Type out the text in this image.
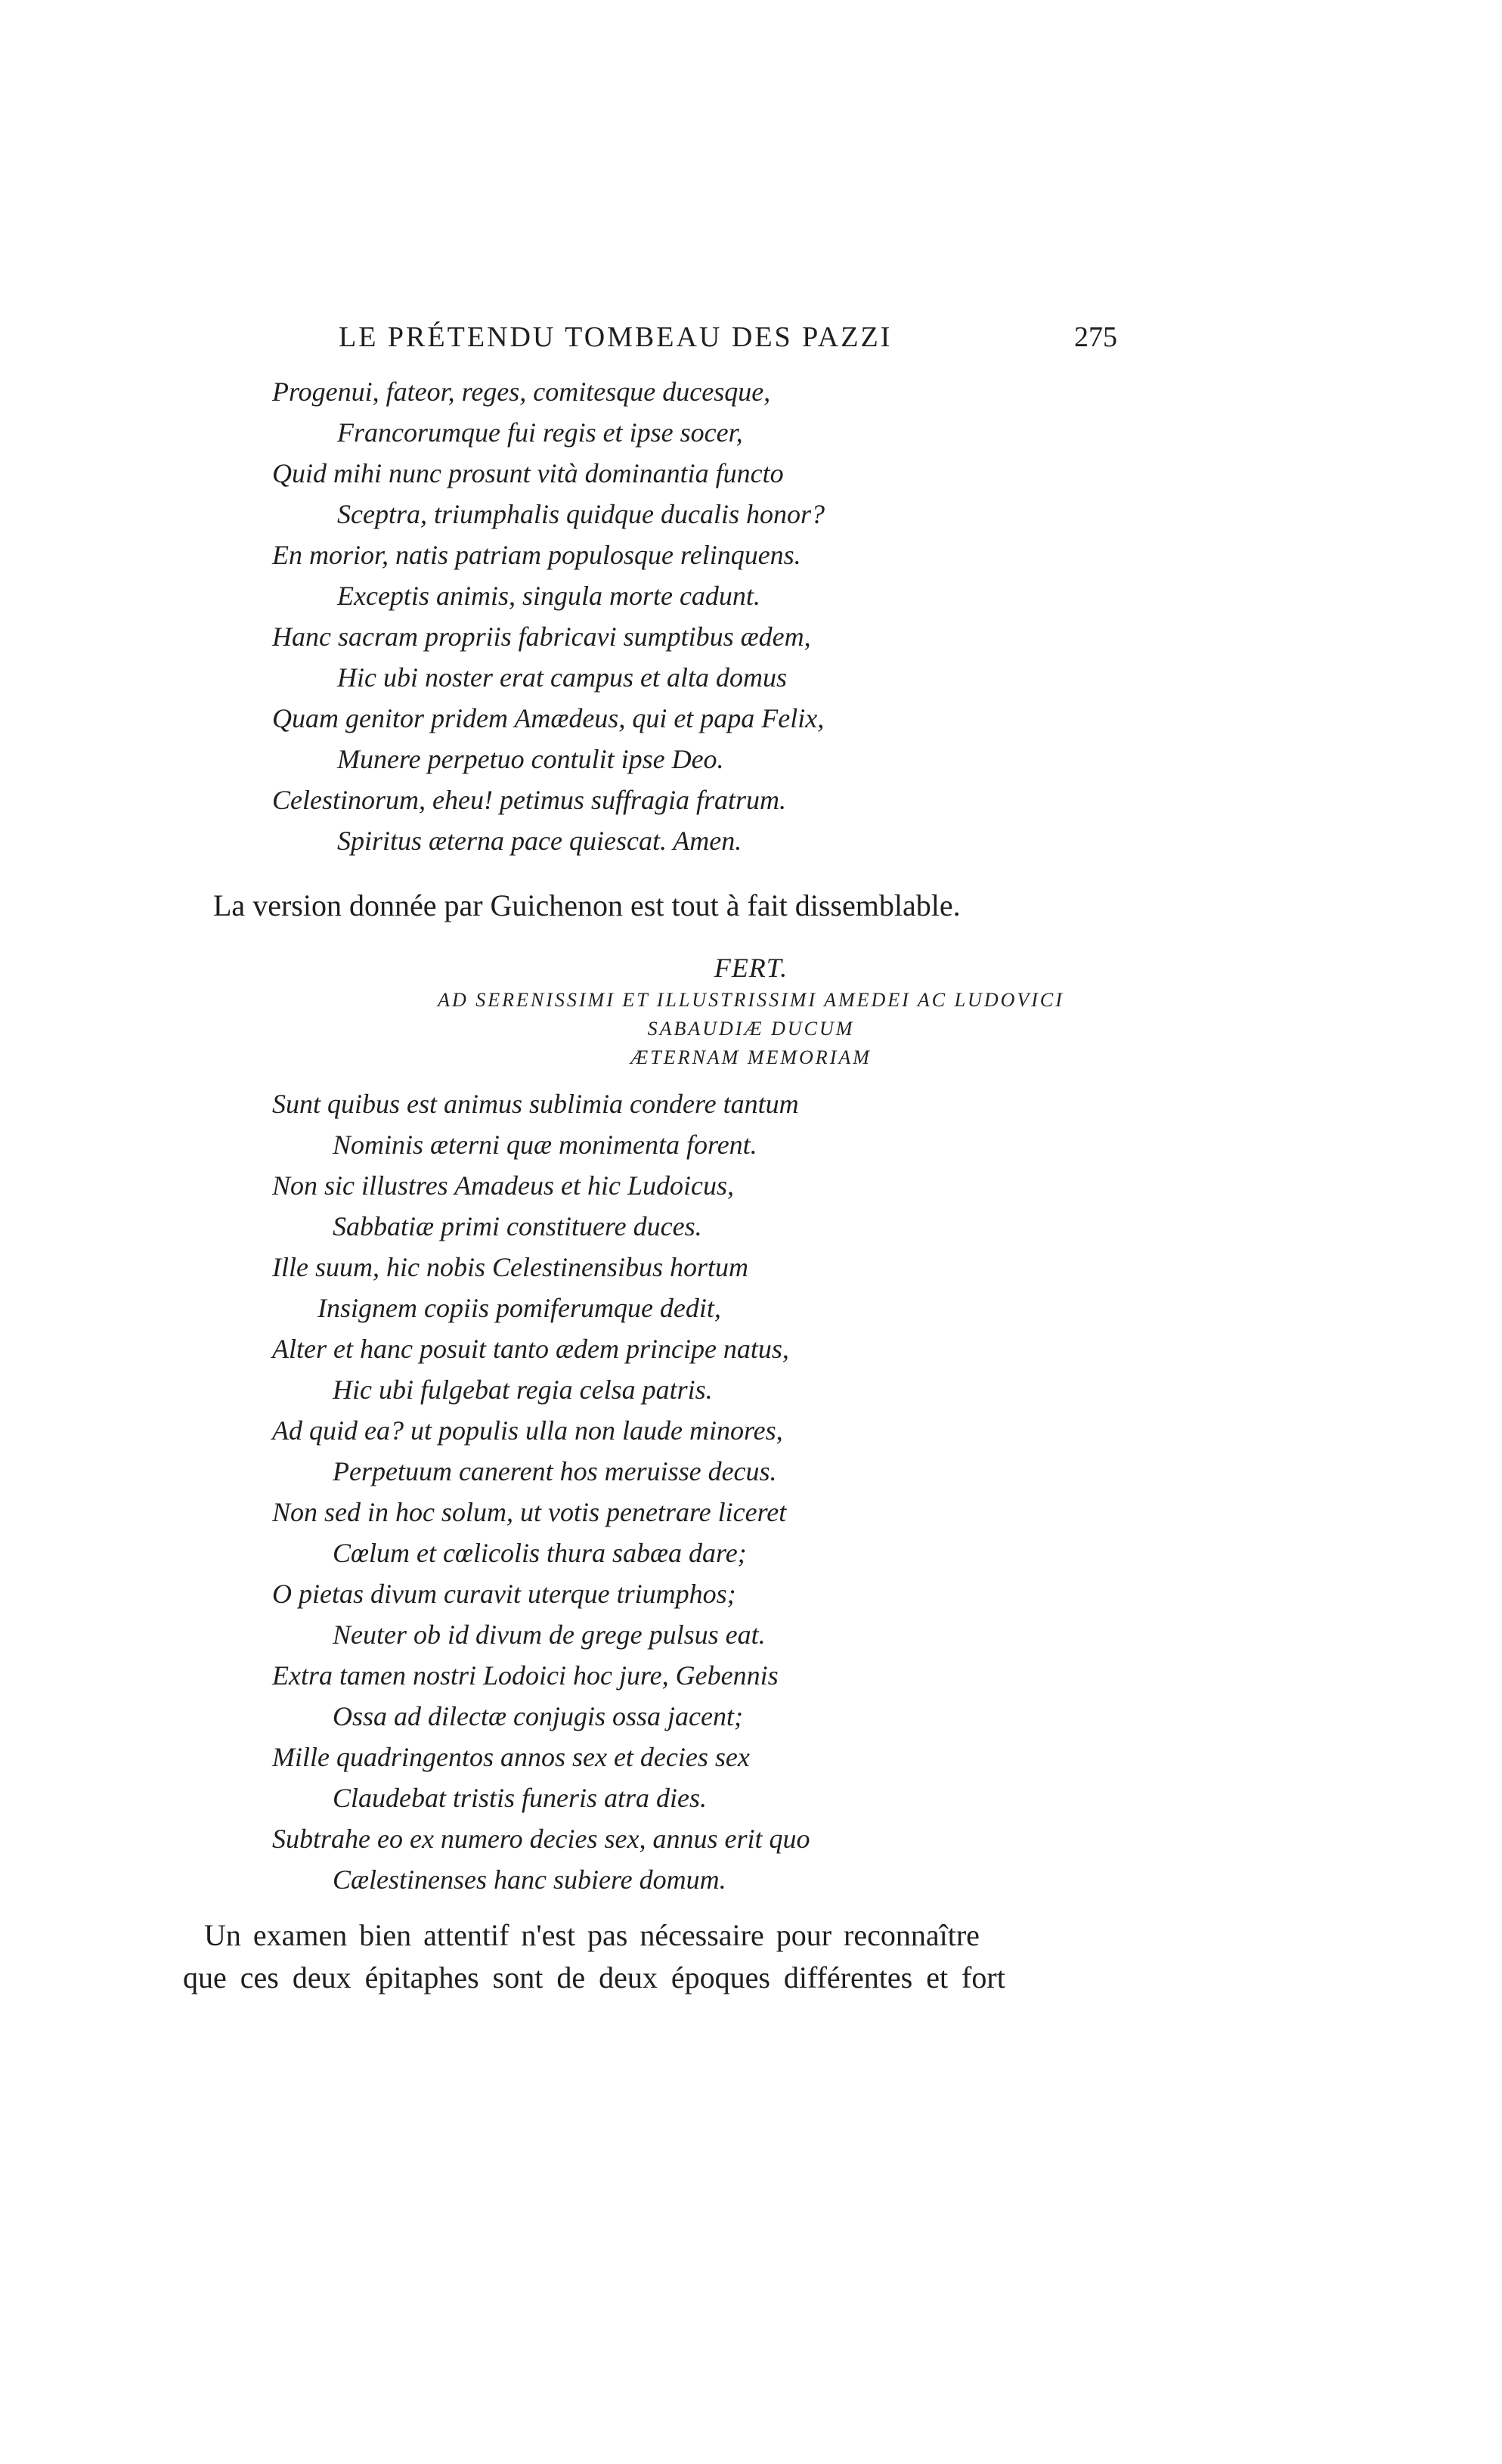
LE PRÉTENDU TOMBEAU DES PAZZI	275
Progenui, fateor, reges, comitesque ducesque,
Francorumque fui regis et ipse socer,
Quid mihi nunc prosunt vità dominantia functo
Sceptra, triumphalis quidque ducalis honor?
En morior, natis patriam populosque relinquens.
Exceptis animis, singula morte cadunt.
Hanc sacram propriis fabricavi sumptibus ædem,
Hic ubi noster erat campus et alta domus
Quam genitor pridem Amædeus, qui et papa Felix,
Munere perpetuo contulit ipse Deo.
Celestinorum, eheu! petimus suffragia fratrum.
Spiritus æterna pace quiescat. Amen.
La version donnée par Guichenon est tout à fait dissemblable.
FERT.
AD SERENISSIMI ET ILLUSTRISSIMI AMEDEI AC LUDOVICI
SABAUDIÆ DUCUM
ÆTERNAM MEMORIAM
Sunt quibus est animus sublimia condere tantum
Nominis æterni quæ monimenta forent.
Non sic illustres Amadeus et hic Ludoicus,
Sabbatiæ primi constituere duces.
Ille suum, hic nobis Celestinensibus hortum
Insignem copiis pomiferumque dedit,
Alter et hanc posuit tanto ædem principe natus,
Hic ubi fulgebat regia celsa patris.
Ad quid ea? ut populis ulla non laude minores,
Perpetuum canerent hos meruisse decus.
Non sed in hoc solum, ut votis penetrare liceret
Cœlum et cœlicolis thura sabæa dare;
O pietas divum curavit uterque triumphos;
Neuter ob id divum de grege pulsus eat.
Extra tamen nostri Lodoici hoc jure, Gebennis
Ossa ad dilectæ conjugis ossa jacent;
Mille quadringentos annos sex et decies sex
Claudebat tristis funeris atra dies.
Subtrahe eo ex numero decies sex, annus erit quo
Cælestinenses hanc subiere domum.
Un examen bien attentif n'est pas nécessaire pour reconnaître
que ces deux épitaphes sont de deux époques différentes et fort
